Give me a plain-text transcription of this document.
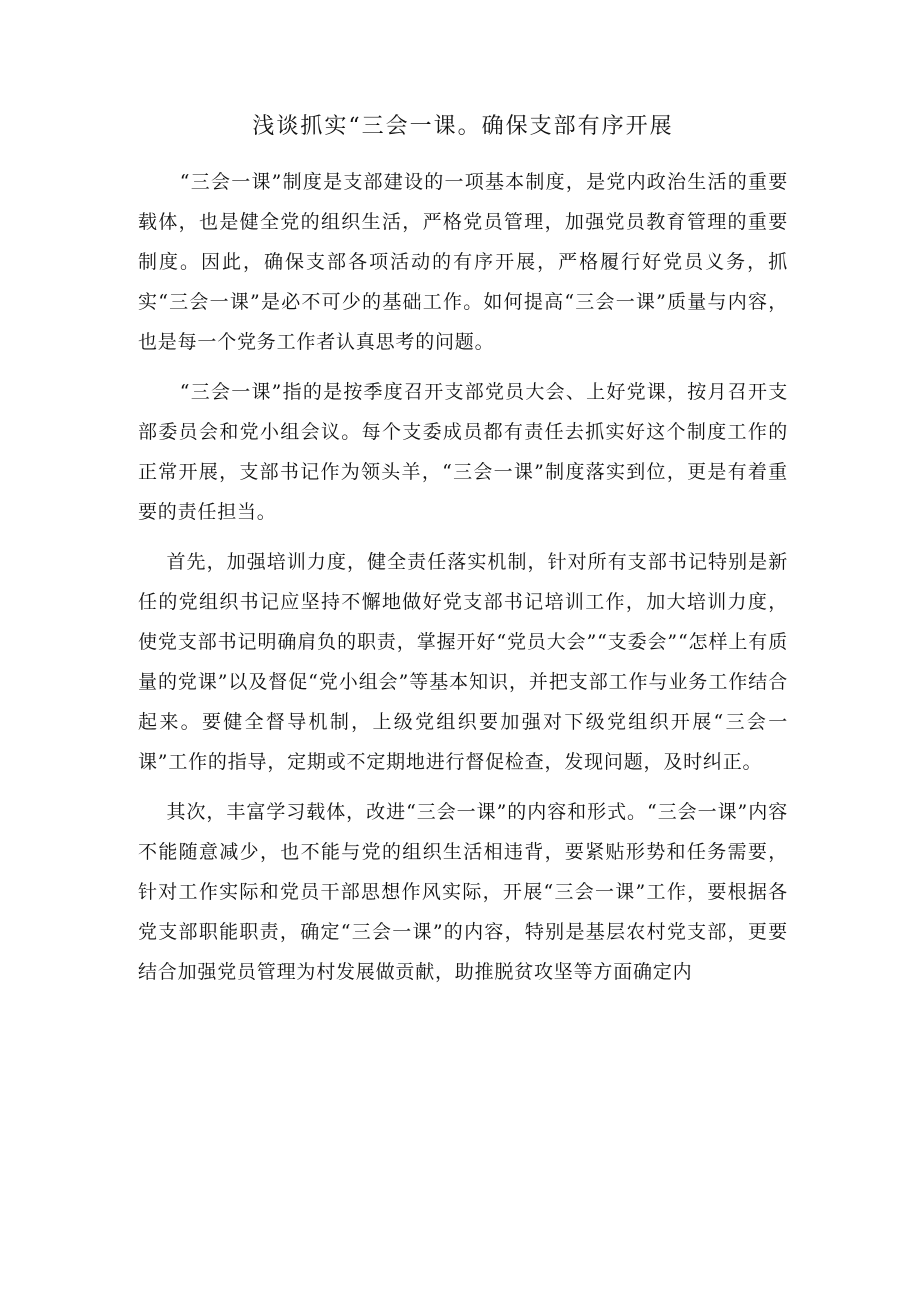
浅谈抓实“三会一课。确保支部有序开展

“三会一课”制度是支部建设的一项基本制度，是党内政治生活的重要载体，也是健全党的组织生活，严格党员管理，加强党员教育管理的重要制度。因此，确保支部各项活动的有序开展，严格履行好党员义务，抓实“三会一课”是必不可少的基础工作。如何提高“三会一课”质量与内容，也是每一个党务工作者认真思考的问题。

“三会一课”指的是按季度召开支部党员大会、上好党课，按月召开支部委员会和党小组会议。每个支委成员都有责任去抓实好这个制度工作的正常开展，支部书记作为领头羊，“三会一课”制度落实到位，更是有着重要的责任担当。

首先，加强培训力度，健全责任落实机制，针对所有支部书记特别是新任的党组织书记应坚持不懈地做好党支部书记培训工作，加大培训力度，使党支部书记明确肩负的职责，掌握开好“党员大会”“支委会”“怎样上有质量的党课”以及督促“党小组会”等基本知识，并把支部工作与业务工作结合起来。要健全督导机制，上级党组织要加强对下级党组织开展“三会一课”工作的指导，定期或不定期地进行督促检查，发现问题，及时纠正。

其次，丰富学习载体，改进“三会一课”的内容和形式。“三会一课”内容不能随意减少，也不能与党的组织生活相违背，要紧贴形势和任务需要，针对工作实际和党员干部思想作风实际，开展“三会一课”工作，要根据各党支部职能职责，确定“三会一课”的内容，特别是基层农村党支部，更要结合加强党员管理为村发展做贡献，助推脱贫攻坚等方面确定内
